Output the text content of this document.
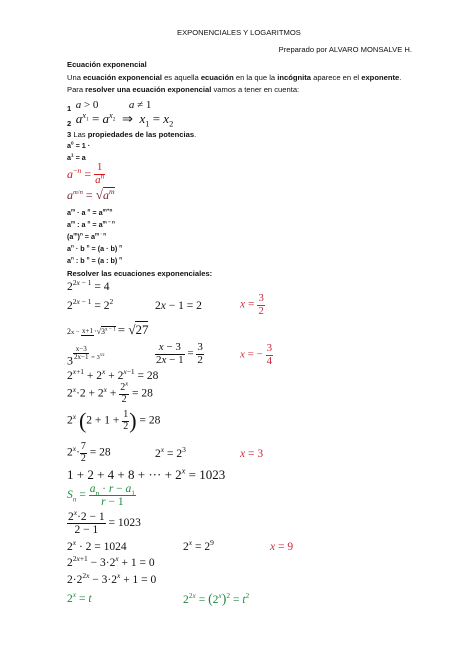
EXPONENCIALES Y LOGARITMOS
Preparado por ALVARO MONSALVE H.
Ecuación exponencial
Una ecuación exponencial es aquella ecuación en la que la incógnita aparece en el exponente.
Para resolver una ecuación exponencial vamos a tener en cuenta:
1 a > 0	a ≠ 1
2 $a^{x_1} = a^{x_2}$  ⇒  $x_1 = x_2$
3 Las propiedades de las potencias.
$a^0 = 1$ ·
$a^1 = a$
$a^{-n} = \frac{1}{a^n}$
$a^{m/n} = √a^m$
$a^m \cdot a$ $^n = a^{m+n}$
$a^m$ : a $^n = a^{m - n}$
$(a^m)^n = a^{m \cdot n}$
$a^n \cdot b$ $^n$ = (a · b) $^n$
$a^n$ : b $^n$ = (a : b) $^n$
Resolver las ecuaciones exponenciales:
$2^{2x - 1} = 4$
$2^{2x - 1} = 2^2$	2x − 1 = 2	$x = \frac{3}{2}$
$2x - x+1 \cdot√3^{x - 1} = √27$
3 $^{\frac{x-3}{2x-1} = 3^{3/2}}$	$\frac{x - 3}{2x - 1} = \frac{3}{2}$	x = − $\frac{3}{4}$
$2^{x+1} + 2^x + 2^{x-1} = 28$
$2^x\cdot 2 + 2^x + \frac{2^x}{2} = 28$
2$^x$ ($2 + 1 + \frac{1}{2}$ ) = 28
$2^x\cdot \frac{7}{2} = 28$	$2^x = 2^3$	x = 3
1 + 2 + 4 + 8 + ··· + $2^x = 1023$
$S_n = \frac{a_n \cdot r - a_1}{r - 1}$
$\frac{2^x\cdot 2 - 1}{2 - 1} = 1023$
$2^x \cdot 2 = 1024$	$2^x = 2^9$	x = 9
$2^{2x+1} - 3\cdot 2^x + 1 = 0$
$2\cdot 2^{2x} - 3\cdot 2^x + 1 = 0$
$2^x = t$	$2^{2x} = (2^x)^2 = t^2$
